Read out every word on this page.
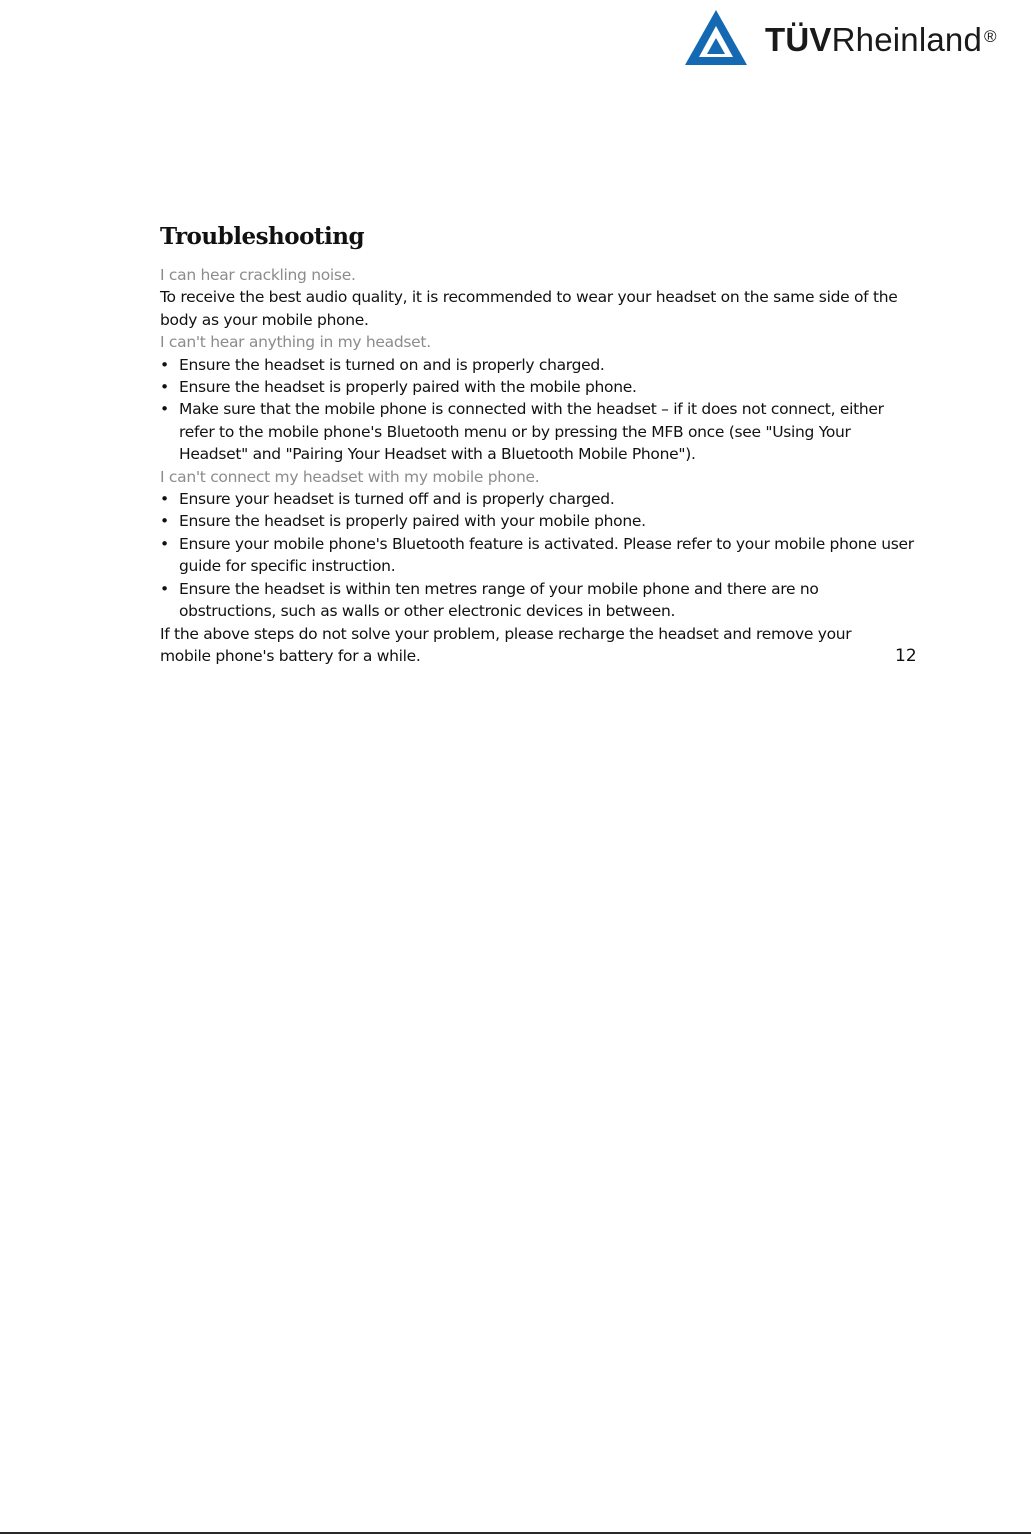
TÜVRheinland ®
Troubleshooting

I can hear crackling noise.

To receive the best audio quality, it is recommended to wear your headset on the same side of the body as your mobile phone.

I can't hear anything in my headset.

• Ensure the headset is turned on and is properly charged.
• Ensure the headset is properly paired with the mobile phone.
• Make sure that the mobile phone is connected with the headset – if it does not connect, either refer to the mobile phone's Bluetooth menu or by pressing the MFB once (see "Using Your Headset" and "Pairing Your Headset with a Bluetooth Mobile Phone").

I can't connect my headset with my mobile phone.

• Ensure your headset is turned off and is properly charged.
• Ensure the headset is properly paired with your mobile phone.
• Ensure your mobile phone's Bluetooth feature is activated. Please refer to your mobile phone user guide for specific instruction.
• Ensure the headset is within ten metres range of your mobile phone and there are no obstructions, such as walls or other electronic devices in between.

If the above steps do not solve your problem, please recharge the headset and remove your mobile phone's battery for a while.	12
